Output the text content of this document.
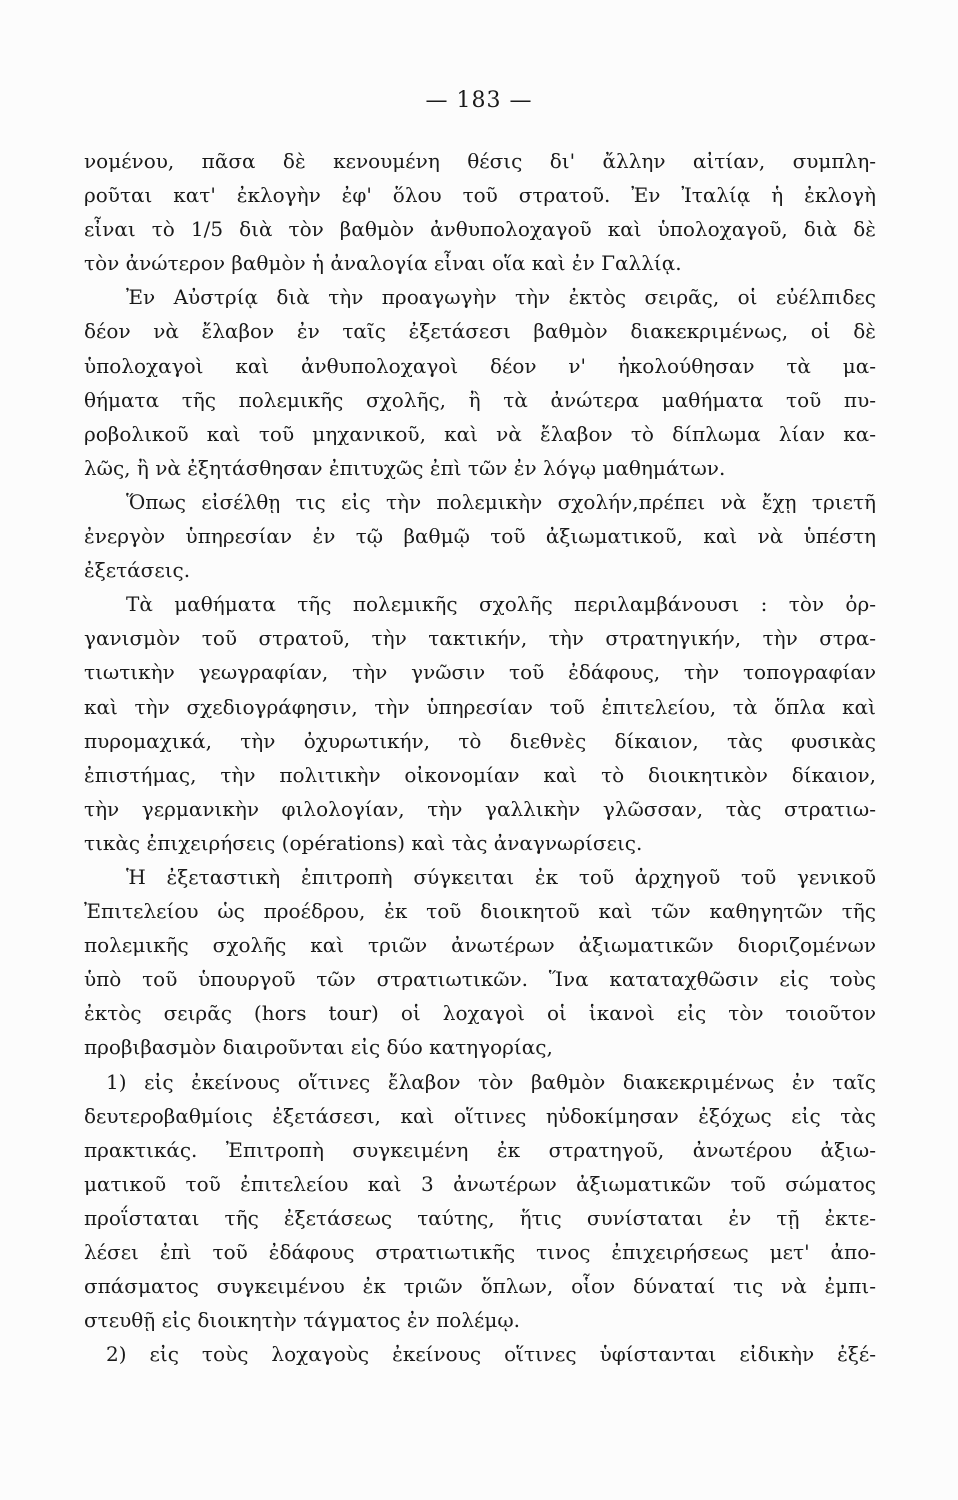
— 183 —
νομένου, πᾶσα δὲ κενουμένη θέσις δι' ἄλλην αἰτίαν, συμπλη-
ροῦται κατ' ἐκλογὴν ἐφ' ὅλου τοῦ στρατοῦ. Ἐν Ἰταλίᾳ ἡ ἐκλογὴ
εἶναι τὸ 1/5 διὰ τὸν βαθμὸν ἀνθυπολοχαγοῦ καὶ ὑπολοχαγοῦ, διὰ δὲ
τὸν ἀνώτερον βαθμὸν ἡ ἀναλογία εἶναι οἵα καὶ ἐν Γαλλίᾳ.
Ἐν Αὐστρίᾳ διὰ τὴν προαγωγὴν τὴν ἐκτὸς σειρᾶς, οἱ εὐέλπιδες
δέον νὰ ἔλαβον ἐν ταῖς ἐξετάσεσι βαθμὸν διακεκριμένως, οἱ δὲ
ὑπολοχαγοὶ καὶ ἀνθυπολοχαγοὶ δέον ν' ἠκολούθησαν τὰ μα-
θήματα τῆς πολεμικῆς σχολῆς, ἢ τὰ ἀνώτερα μαθήματα τοῦ πυ-
ροβολικοῦ καὶ τοῦ μηχανικοῦ, καὶ νὰ ἔλαβον τὸ δίπλωμα λίαν κα-
λῶς, ἢ νὰ ἐξητάσθησαν ἐπιτυχῶς ἐπὶ τῶν ἐν λόγῳ μαθημάτων.
Ὅπως εἰσέλθῃ τις εἰς τὴν πολεμικὴν σχολήν,πρέπει νὰ ἔχῃ τριετῆ
ἐνεργὸν ὑπηρεσίαν ἐν τῷ βαθμῷ τοῦ ἀξιωματικοῦ, καὶ νὰ ὑπέστη
ἐξετάσεις.
Τὰ μαθήματα τῆς πολεμικῆς σχολῆς περιλαμβάνουσι : τὸν ὀρ-
γανισμὸν τοῦ στρατοῦ, τὴν τακτικήν, τὴν στρατηγικήν, τὴν στρα-
τιωτικὴν γεωγραφίαν, τὴν γνῶσιν τοῦ ἐδάφους, τὴν τοπογραφίαν
καὶ τὴν σχεδιογράφησιν, τὴν ὑπηρεσίαν τοῦ ἐπιτελείου, τὰ ὅπλα καὶ
πυρομαχικά, τὴν ὀχυρωτικήν, τὸ διεθνὲς δίκαιον, τὰς φυσικὰς
ἐπιστήμας, τὴν πολιτικὴν οἰκονομίαν καὶ τὸ διοικητικὸν δίκαιον,
τὴν γερμανικὴν φιλολογίαν, τὴν γαλλικὴν γλῶσσαν, τὰς στρατιω-
τικὰς ἐπιχειρήσεις (opérations) καὶ τὰς ἀναγνωρίσεις.
Ἡ ἐξεταστικὴ ἐπιτροπὴ σύγκειται ἐκ τοῦ ἀρχηγοῦ τοῦ γενικοῦ
Ἐπιτελείου ὡς προέδρου, ἐκ τοῦ διοικητοῦ καὶ τῶν καθηγητῶν τῆς
πολεμικῆς σχολῆς καὶ τριῶν ἀνωτέρων ἀξιωματικῶν διοριζομένων
ὑπὸ τοῦ ὑπουργοῦ τῶν στρατιωτικῶν. Ἵνα καταταχθῶσιν εἰς τοὺς
ἐκτὸς σειρᾶς (hors tour) οἱ λοχαγοὶ οἱ ἱκανοὶ εἰς τὸν τοιοῦτον
προβιβασμὸν διαιροῦνται εἰς δύο κατηγορίας,
1) εἰς ἐκείνους οἵτινες ἔλαβον τὸν βαθμὸν διακεκριμένως ἐν ταῖς
δευτεροβαθμίοις ἐξετάσεσι, καὶ οἵτινες ηὐδοκίμησαν ἐξόχως εἰς τὰς
πρακτικάς. Ἐπιτροπὴ συγκειμένη ἐκ στρατηγοῦ, ἀνωτέρου ἀξιω-
ματικοῦ τοῦ ἐπιτελείου καὶ 3 ἀνωτέρων ἀξιωματικῶν τοῦ σώματος
προΐσταται τῆς ἐξετάσεως ταύτης, ἥτις συνίσταται ἐν τῇ ἐκτε-
λέσει ἐπὶ τοῦ ἐδάφους στρατιωτικῆς τινος ἐπιχειρήσεως μετ' ἀπο-
σπάσματος συγκειμένου ἐκ τριῶν ὅπλων, οἷον δύναταί τις νὰ ἐμπι-
στευθῇ εἰς διοικητὴν τάγματος ἐν πολέμῳ.
2) εἰς τοὺς λοχαγοὺς ἐκείνους οἵτινες ὑφίστανται εἰδικὴν ἐξέ-
